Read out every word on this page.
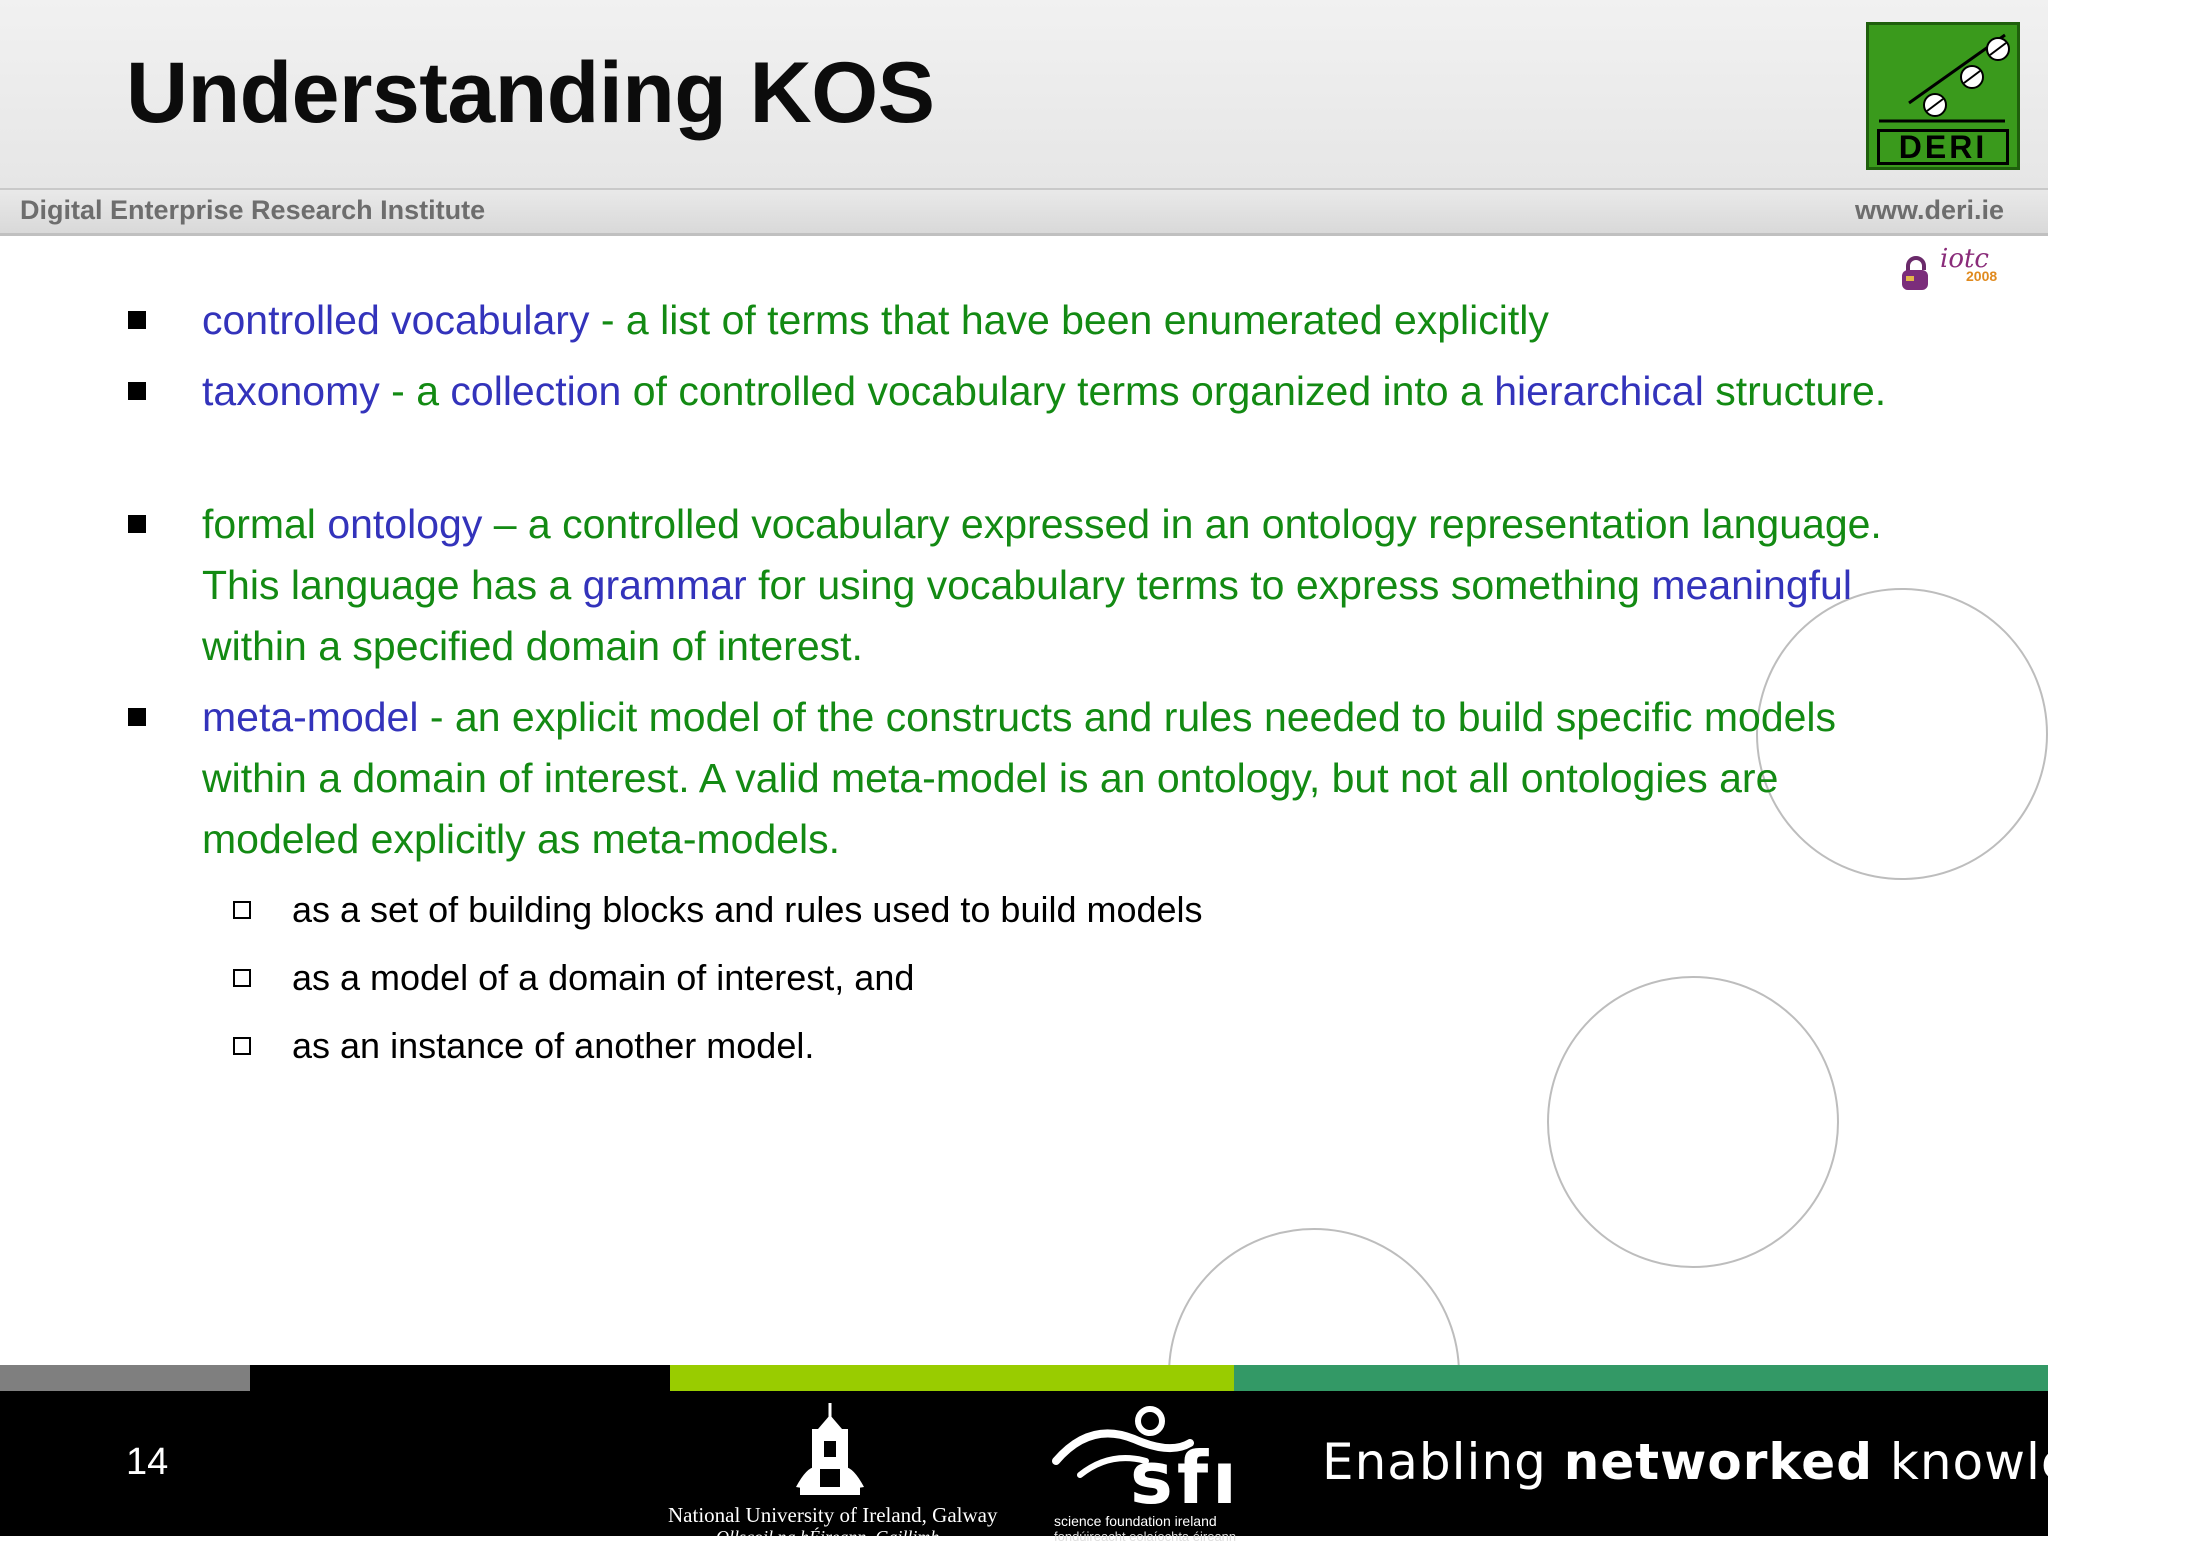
Understanding KOS
DERI
Digital Enterprise Research Institute	www.deri.ie
iotc
2008
controlled vocabulary - a list of terms that have been enumerated explicitly
taxonomy - a collection of controlled vocabulary terms organized into a hierarchical structure.
formal ontology – a controlled vocabulary expressed in an ontology representation language. This language has a grammar for using vocabulary terms to express something meaningful within a specified domain of interest.
meta-model - an explicit model of the constructs and rules needed to build specific models within a domain of interest. A valid meta-model is an ontology, but not all ontologies are modeled explicitly as meta-models.
as a set of building blocks and rules used to build models
as a model of a domain of interest, and
as an instance of another model.
14
National University of Ireland, Galway
Ollscoil na hÉireann, Gaillimh
sfı
science foundation ireland
fondúireacht eolaíochta éireann
Enabling networked knowledge.
